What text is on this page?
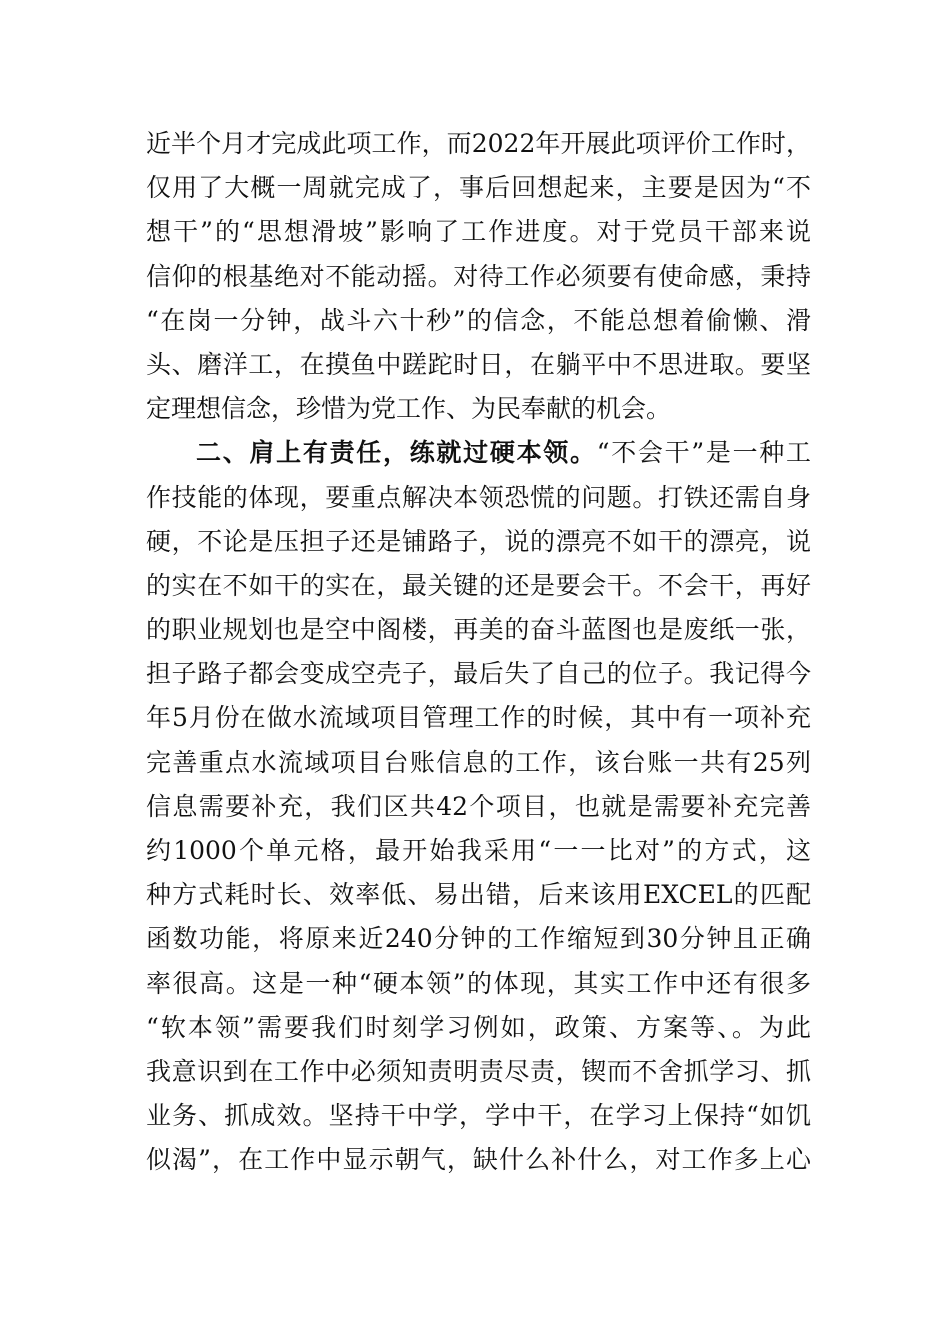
近半个月才完成此项工作，而2022年开展此项评价工作时，
仅用了大概一周就完成了，事后回想起来，主要是因为“不
想干”的“思想滑坡”影响了工作进度。对于党员干部来说
信仰的根基绝对不能动摇。对待工作必须要有使命感，秉持
“在岗一分钟，战斗六十秒”的信念，不能总想着偷懒、滑
头、磨洋工，在摸鱼中蹉跎时日，在躺平中不思进取。要坚
定理想信念，珍惜为党工作、为民奉献的机会。
二、肩上有责任，练就过硬本领。“不会干”是一种工
作技能的体现，要重点解决本领恐慌的问题。打铁还需自身
硬，不论是压担子还是铺路子，说的漂亮不如干的漂亮，说
的实在不如干的实在，最关键的还是要会干。不会干，再好
的职业规划也是空中阁楼，再美的奋斗蓝图也是废纸一张，
担子路子都会变成空壳子，最后失了自己的位子。我记得今
年5月份在做水流域项目管理工作的时候，其中有一项补充
完善重点水流域项目台账信息的工作，该台账一共有25列
信息需要补充，我们区共42个项目，也就是需要补充完善
约1000个单元格，最开始我采用“一一比对”的方式，这
种方式耗时长、效率低、易出错，后来该用EXCEL的匹配
函数功能，将原来近240分钟的工作缩短到30分钟且正确
率很高。这是一种“硬本领”的体现，其实工作中还有很多
“软本领”需要我们时刻学习例如，政策、方案等、。为此
我意识到在工作中必须知责明责尽责，锲而不舍抓学习、抓
业务、抓成效。坚持干中学，学中干，在学习上保持“如饥
似渴”，在工作中显示朝气，缺什么补什么，对工作多上心
